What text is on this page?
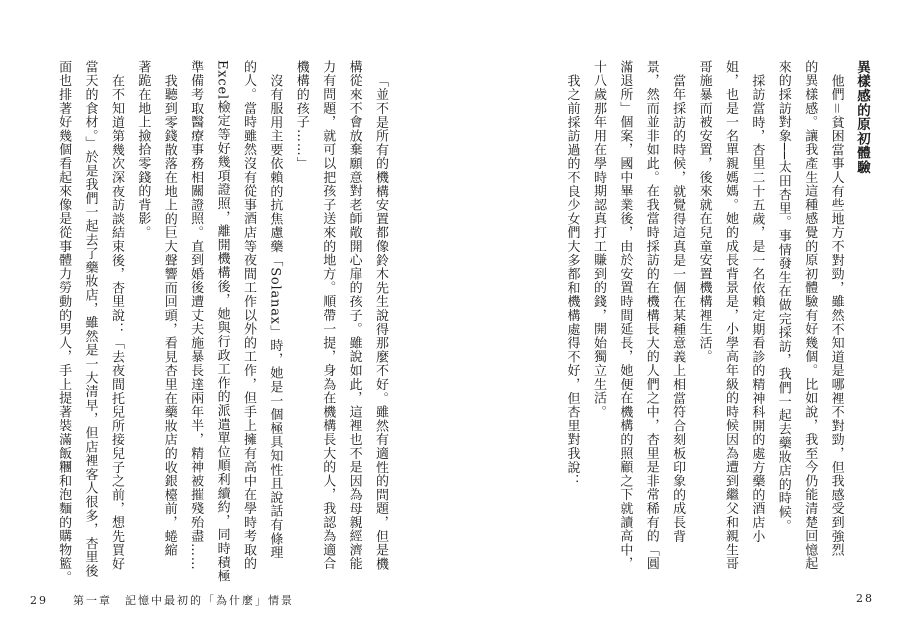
「並不是所有的機構安置都像鈴木先生說得那麼不好。雖然有適性的問題，但是機
構從來不會放棄願意對老師敞開心扉的孩子。雖說如此，這裡也不是因為母親經濟能
力有問題，就可以把孩子送來的地方。順帶一提，身為在機構長大的人，我認為適合
機構的孩子……」
沒有服用主要依賴的抗焦慮藥「Solanax」時，她是一個極具知性且說話有條理
的人。當時雖然沒有從事酒店等夜間工作以外的工作，但手上擁有高中在學時考取的
Excel檢定等好幾項證照，離開機構後，她與行政工作的派遣單位順利續約，同時積極
準備考取醫療事務相關證照。直到婚後遭丈夫施暴長達兩年半，精神被摧殘殆盡……
我聽到零錢散落在地上的巨大聲響而回頭，看見杏里在藥妝店的收銀檯前，蜷縮
著跪在地上撿拾零錢的背影。
在不知道第幾次深夜訪談結束後，杏里說：「去夜間托兒所接兒子之前，想先買好
當天的食材。」於是我們一起去了藥妝店，雖然是一大清早，但店裡客人很多，杏里後
面也排著好幾個看起來像是從事體力勞動的男人，手上提著裝滿飯糰和泡麵的購物籃。
29 第一章　記憶中最初的「為什麼」情景
異樣感的原初體驗
他們＝貧困當事人有些地方不對勁，雖然不知道是哪裡不對勁，但我感受到強烈
的異樣感。讓我產生這種感覺的原初體驗有好幾個。比如說，我至今仍能清楚回憶起
來的採訪對象──太田杏里。事情發生在做完採訪，我們一起去藥妝店的時候。
採訪當時，杏里二十五歲，是一名依賴定期看診的精神科開的處方藥的酒店小
姐，也是一名單親媽媽。她的成長背景是，小學高年級的時候因為遭到繼父和親生哥
哥施暴而被安置，後來就在兒童安置機構裡生活。
當年採訪的時候，就覺得這真是一個在某種意義上相當符合刻板印象的成長背
景，然而並非如此。在我當時採訪的在機構長大的人們之中，杏里是非常稀有的「圓
滿退所」個案，國中畢業後，由於安置時間延長，她便在機構的照顧之下就讀高中，
十八歲那年用在學時期認真打工賺到的錢，開始獨立生活。
我之前採訪過的不良少女們大多都和機構處得不好，但杏里對我說：
28
